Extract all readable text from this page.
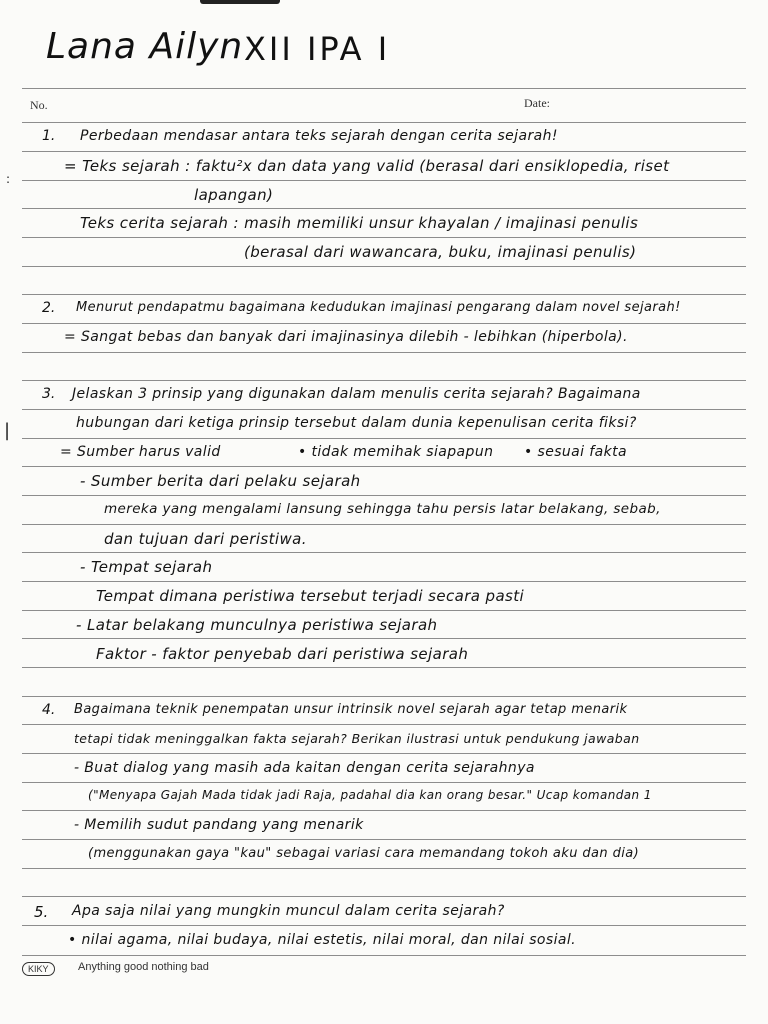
:
|
Lana Ailyn XII IPA I
No.	Date:
1. Perbedaan mendasar antara teks sejarah dengan cerita sejarah!
= Teks sejarah : faktu²x dan data yang valid (berasal dari ensiklopedia, riset
lapangan)
Teks cerita sejarah : masih memiliki unsur khayalan / imajinasi penulis
(berasal dari wawancara, buku, imajinasi penulis)
2. Menurut pendapatmu bagaimana kedudukan imajinasi pengarang dalam novel sejarah!
= Sangat bebas dan banyak dari imajinasinya dilebih - lebihkan (hiperbola).
3. Jelaskan 3 prinsip yang digunakan dalam menulis cerita sejarah? Bagaimana
hubungan dari ketiga prinsip tersebut dalam dunia kepenulisan cerita fiksi?
= Sumber harus valid	• tidak memihak siapapun • sesuai fakta
- Sumber berita dari pelaku sejarah
mereka yang mengalami lansung sehingga tahu persis latar belakang, sebab,
dan tujuan dari peristiwa.
- Tempat sejarah
Tempat dimana peristiwa tersebut terjadi secara pasti
- Latar belakang munculnya peristiwa sejarah
Faktor - faktor penyebab dari peristiwa sejarah
4. Bagaimana teknik penempatan unsur intrinsik novel sejarah agar tetap menarik
tetapi tidak meninggalkan fakta sejarah? Berikan ilustrasi untuk pendukung jawaban
- Buat dialog yang masih ada kaitan dengan cerita sejarahnya
("Menyapa Gajah Mada tidak jadi Raja, padahal dia kan orang besar." Ucap komandan 1
- Memilih sudut pandang yang menarik
(menggunakan gaya "kau" sebagai variasi cara memandang tokoh aku dan dia)
5. Apa saja nilai yang mungkin muncul dalam cerita sejarah?
• nilai agama, nilai budaya, nilai estetis, nilai moral, dan nilai sosial.
KIKY	Anything good nothing bad
